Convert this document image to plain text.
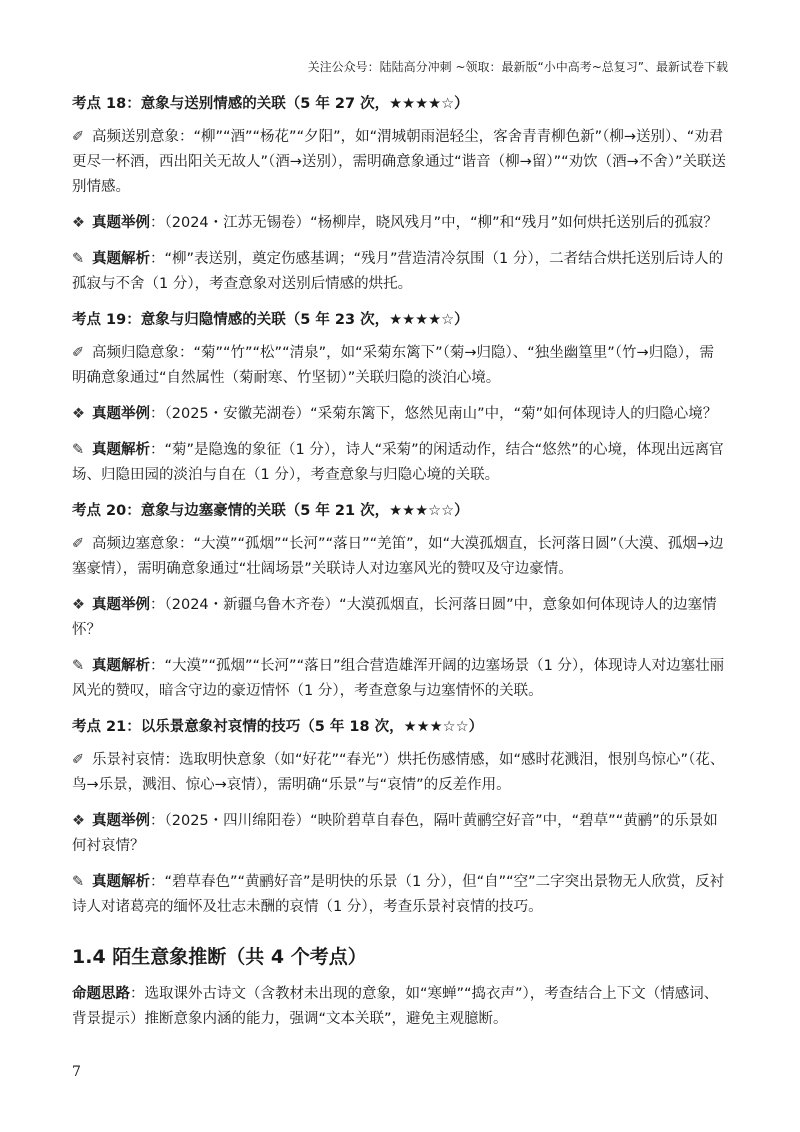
关注公众号：陆陆高分冲刺 ~领取：最新版“小中高考~总复习”、最新试卷下载
考点 18：意象与送别情感的关联（5 年 27 次，★★★★☆）
✐ 高频送别意象：“柳”“酒”“杨花”“夕阳”，如“渭城朝雨浥轻尘，客舍青青柳色新”（柳→送别）、“劝君更尽一杯酒，西出阳关无故人”（酒→送别），需明确意象通过“谐音（柳→留）”“劝饮（酒→不舍）”关联送别情感。
❖ 真题举例：（2024・江苏无锡卷）“杨柳岸，晓风残月”中，“柳”和“残月”如何烘托送别后的孤寂？
✎ 真题解析：“柳”表送别，奠定伤感基调；“残月”营造清冷氛围（1 分），二者结合烘托送别后诗人的孤寂与不舍（1 分），考查意象对送别后情感的烘托。
考点 19：意象与归隐情感的关联（5 年 23 次，★★★★☆）
✐ 高频归隐意象：“菊”“竹”“松”“清泉”，如“采菊东篱下”（菊→归隐）、“独坐幽篁里”（竹→归隐），需明确意象通过“自然属性（菊耐寒、竹坚韧）”关联归隐的淡泊心境。
❖ 真题举例：（2025・安徽芜湖卷）“采菊东篱下，悠然见南山”中，“菊”如何体现诗人的归隐心境？
✎ 真题解析：“菊”是隐逸的象征（1 分），诗人“采菊”的闲适动作，结合“悠然”的心境，体现出远离官场、归隐田园的淡泊与自在（1 分），考查意象与归隐心境的关联。
考点 20：意象与边塞豪情的关联（5 年 21 次，★★★☆☆）
✐ 高频边塞意象：“大漠”“孤烟”“长河”“落日”“羌笛”，如“大漠孤烟直，长河落日圆”（大漠、孤烟→边塞豪情），需明确意象通过“壮阔场景”关联诗人对边塞风光的赞叹及守边豪情。
❖ 真题举例：（2024・新疆乌鲁木齐卷）“大漠孤烟直，长河落日圆”中，意象如何体现诗人的边塞情怀？
✎ 真题解析：“大漠”“孤烟”“长河”“落日”组合营造雄浑开阔的边塞场景（1 分），体现诗人对边塞壮丽风光的赞叹，暗含守边的豪迈情怀（1 分），考查意象与边塞情怀的关联。
考点 21：以乐景意象衬哀情的技巧（5 年 18 次，★★★☆☆）
✐ 乐景衬哀情：选取明快意象（如“好花”“春光”）烘托伤感情感，如“感时花溅泪，恨别鸟惊心”（花、鸟→乐景，溅泪、惊心→哀情），需明确“乐景”与“哀情”的反差作用。
❖ 真题举例：（2025・四川绵阳卷）“映阶碧草自春色，隔叶黄鹂空好音”中，“碧草”“黄鹂”的乐景如何衬哀情？
✎ 真题解析：“碧草春色”“黄鹂好音”是明快的乐景（1 分），但“自”“空”二字突出景物无人欣赏，反衬诗人对诸葛亮的缅怀及壮志未酬的哀情（1 分），考查乐景衬哀情的技巧。
1.4 陌生意象推断（共 4 个考点）
命题思路：选取课外古诗文（含教材未出现的意象，如“寒蝉”“捣衣声”），考查结合上下文（情感词、背景提示）推断意象内涵的能力，强调“文本关联”，避免主观臆断。
7
